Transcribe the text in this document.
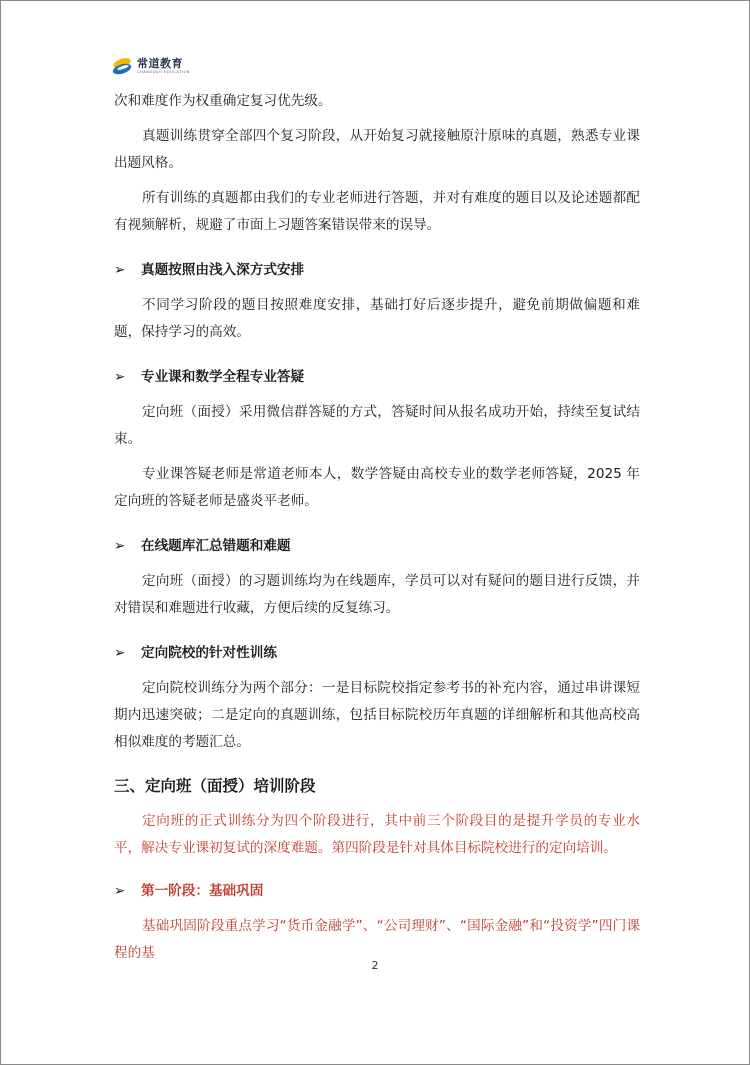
常道教育
CHANGDAO EDUCATION

次和难度作为权重确定复习优先级。

真题训练贯穿全部四个复习阶段，从开始复习就接触原汁原味的真题，熟悉专业课出题风格。

所有训练的真题都由我们的专业老师进行答题，并对有难度的题目以及论述题都配有视频解析，规避了市面上习题答案错误带来的误导。

➢	真题按照由浅入深方式安排

不同学习阶段的题目按照难度安排，基础打好后逐步提升，避免前期做偏题和难题，保持学习的高效。

➢	专业课和数学全程专业答疑

定向班（面授）采用微信群答疑的方式，答疑时间从报名成功开始，持续至复试结束。

专业课答疑老师是常道老师本人，数学答疑由高校专业的数学老师答疑，2025 年定向班的答疑老师是盛炎平老师。

➢	在线题库汇总错题和难题

定向班（面授）的习题训练均为在线题库，学员可以对有疑问的题目进行反馈，并对错误和难题进行收藏，方便后续的反复练习。

➢	定向院校的针对性训练

定向院校训练分为两个部分：一是目标院校指定参考书的补充内容，通过串讲课短期内迅速突破；二是定向的真题训练，包括目标院校历年真题的详细解析和其他高校高相似难度的考题汇总。

三、定向班（面授）培训阶段

定向班的正式训练分为四个阶段进行，其中前三个阶段目的是提升学员的专业水平，解决专业课初复试的深度难题。第四阶段是针对具体目标院校进行的定向培训。

➢	第一阶段：基础巩固

基础巩固阶段重点学习“货币金融学”、“公司理财”、“国际金融”和“投资学”四门课程的基

2
